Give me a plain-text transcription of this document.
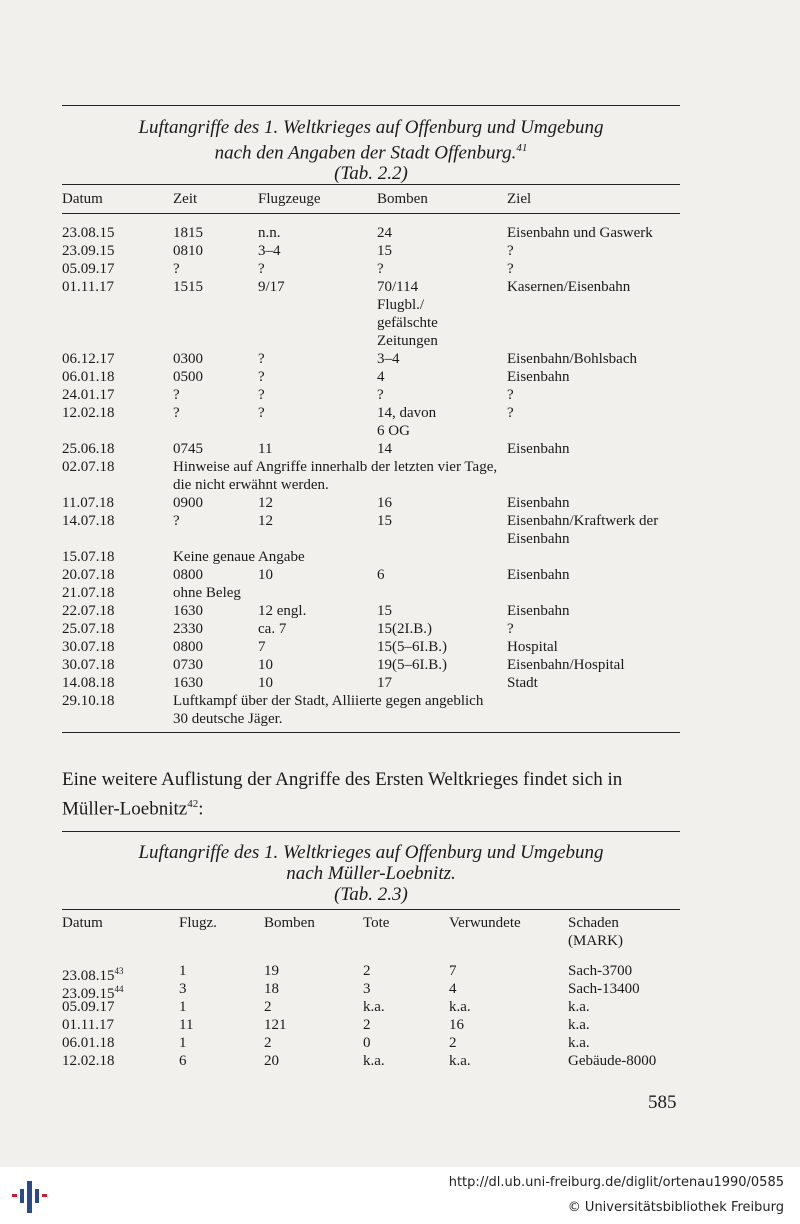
Luftangriffe des 1. Weltkrieges auf Offenburg und Umgebung
nach den Angaben der Stadt Offenburg.$^{41}$
(Tab. 2.2)
Datum	Zeit	Flugzeuge	Bomben	Ziel
23.08.15	1815	n.n.	24	Eisenbahn und Gaswerk
23.09.15	0810	3–4	15	?
05.09.17	?	?	?	?
01.11.17	1515	9/17	70/114	Kasernen/Eisenbahn
Flugbl./
gefälschte
Zeitungen
06.12.17	0300	?	3–4	Eisenbahn/Bohlsbach
06.01.18	0500	?	4	Eisenbahn
24.01.17	?	?	?	?
12.02.18	?	?	14, davon	?
6 OG
25.06.18	0745	11	14	Eisenbahn
02.07.18	Hinweise auf Angriffe innerhalb der letzten vier Tage,
die nicht erwähnt werden.
11.07.18	0900	12	16	Eisenbahn
14.07.18	?	12	15	Eisenbahn/Kraftwerk der
Eisenbahn
15.07.18	Keine genaue Angabe
20.07.18	0800	10	6	Eisenbahn
21.07.18	ohne Beleg
22.07.18	1630	12 engl.	15	Eisenbahn
25.07.18	2330	ca. 7	15(2I.B.)	?
30.07.18	0800	7	15(5–6I.B.)	Hospital
30.07.18	0730	10	19(5–6I.B.)	Eisenbahn/Hospital
14.08.18	1630	10	17	Stadt
29.10.18	Luftkampf über der Stadt, Alliierte gegen angeblich
30 deutsche Jäger.
Eine weitere Auflistung der Angriffe des Ersten Weltkrieges findet sich in
Müller-Loebnitz$^{42}$:
Luftangriffe des 1. Weltkrieges auf Offenburg und Umgebung
nach Müller-Loebnitz.
(Tab. 2.3)
Datum	Flugz.	Bomben	Tote	Verwundete	Schaden
(MARK)
23.08.15$^{43}$	1	19	2	7	Sach-3700
23.09.15$^{44}$	3	18	3	4	Sach-13400
05.09.17	1	2	k.a.	k.a.	k.a.
01.11.17	11	121	2	16	k.a.
06.01.18	1	2	0	2	k.a.
12.02.18	6	20	k.a.	k.a.	Gebäude-8000
585
http://dl.ub.uni-freiburg.de/diglit/ortenau1990/0585
© Universitätsbibliothek Freiburg
